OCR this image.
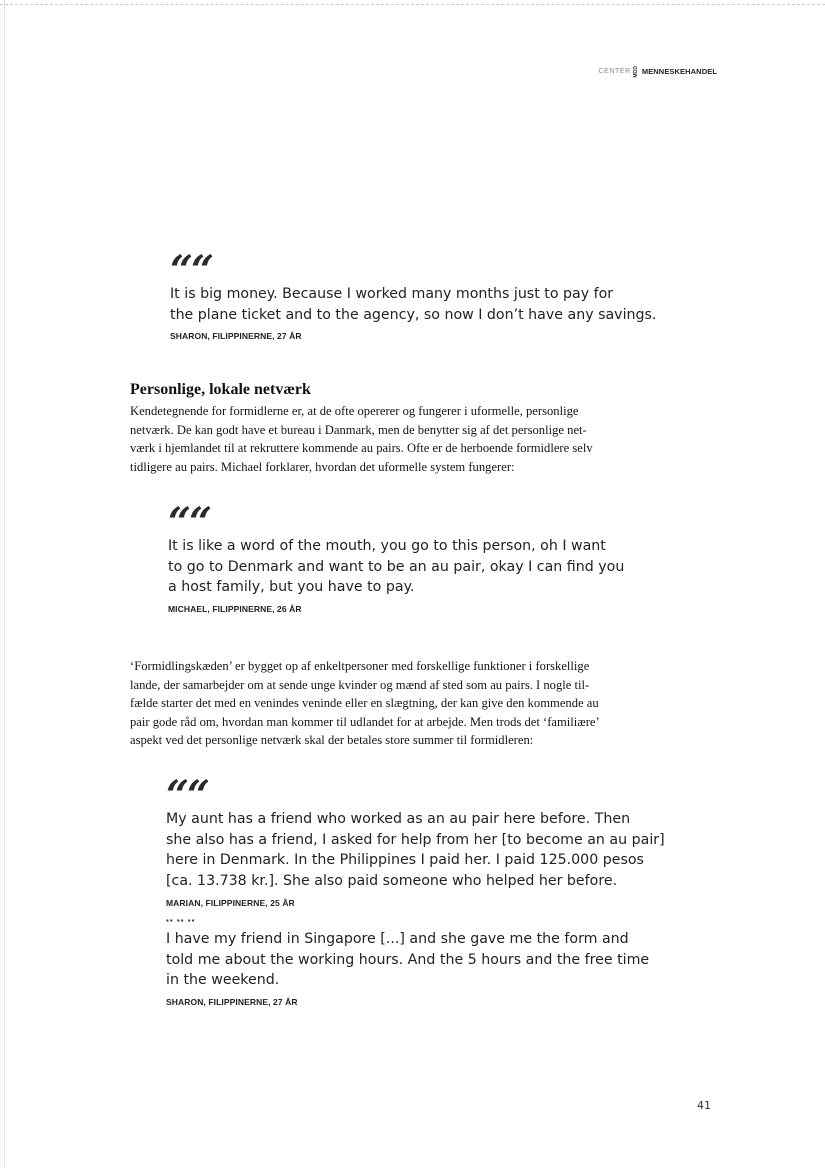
CENTER MOD MENNESKEHANDEL
““

It is big money. Because I worked many months just to pay for
the plane ticket and to the agency, so now I don’t have any savings.

SHARON, FILIPPINERNE, 27 ÅR
Personlige, lokale netværk

Kendetegnende for formidlerne er, at de ofte opererer og fungerer i uformelle, personlige
netværk. De kan godt have et bureau i Danmark, men de benytter sig af det personlige net-
værk i hjemlandet til at rekruttere kommende au pairs. Ofte er de herboende formidlere selv
tidligere au pairs. Michael forklarer, hvordan det uformelle system fungerer:

““

It is like a word of the mouth, you go to this person, oh I want
to go to Denmark and want to be an au pair, okay I can find you
a host family, but you have to pay.

MICHAEL, FILIPPINERNE, 26 ÅR

‘Formidlingskæden’ er bygget op af enkeltpersoner med forskellige funktioner i forskellige
lande, der samarbejder om at sende unge kvinder og mænd af sted som au pairs. I nogle til-
fælde starter det med en venindes veninde eller en slægtning, der kan give den kommende au
pair gode råd om, hvordan man kommer til udlandet for at arbejde. Men trods det ‘familiære’
aspekt ved det personlige netværk skal der betales store summer til formidleren:

““

My aunt has a friend who worked as an au pair here before. Then
she also has a friend, I asked for help from her [to become an au pair]
here in Denmark. In the Philippines I paid her. I paid 125.000 pesos
[ca. 13.738 kr.]. She also paid someone who helped her before.

MARIAN, FILIPPINERNE, 25 ÅR
▪▪ ▪▪ ▪▪

I have my friend in Singapore [...] and she gave me the form and
told me about the working hours. And the 5 hours and the free time
in the weekend.

SHARON, FILIPPINERNE, 27 ÅR
41
